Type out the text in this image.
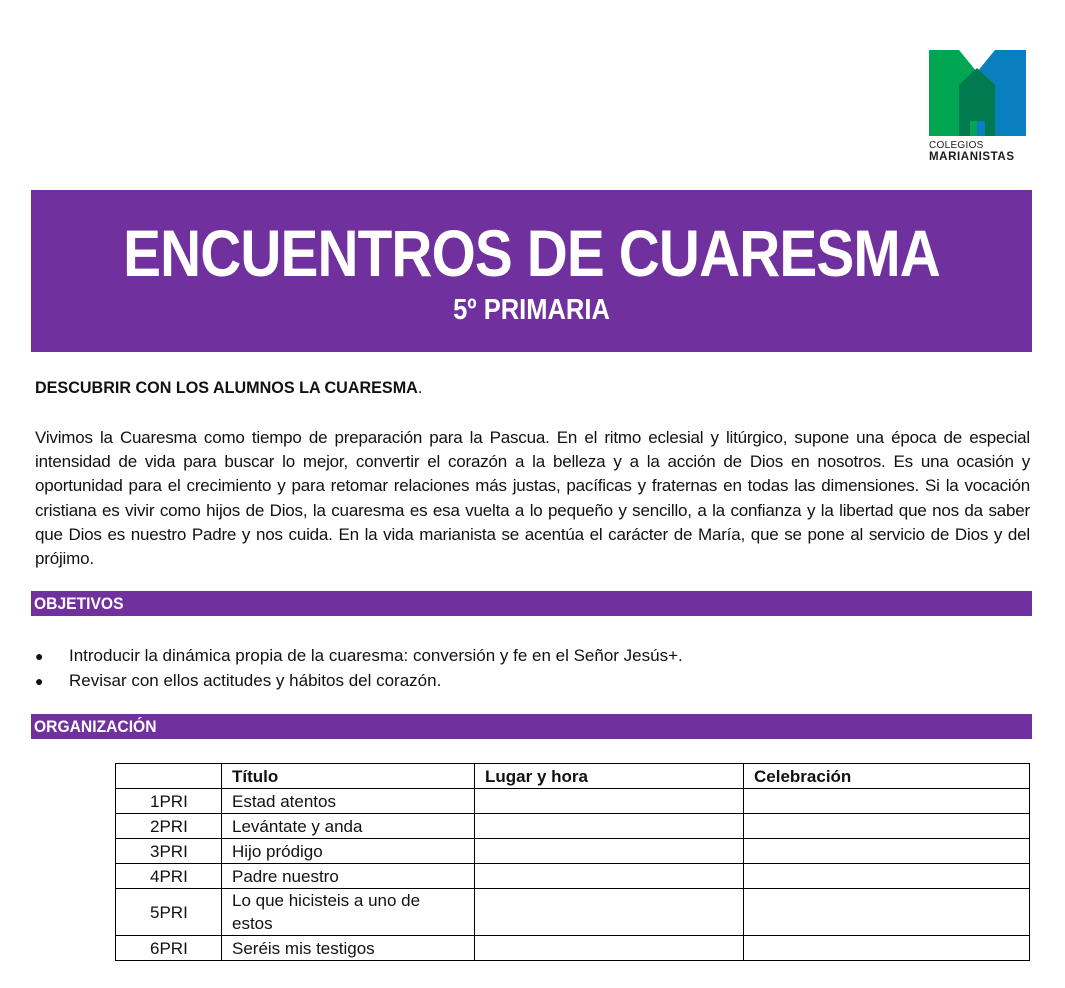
COLEGIOS
MARIANISTAS
ENCUENTROS DE CUARESMA
5º PRIMARIA
DESCUBRIR CON LOS ALUMNOS LA CUARESMA.
Vivimos la Cuaresma como tiempo de preparación para la Pascua. En el ritmo eclesial y litúrgico, supone una época de especial intensidad de vida para buscar lo mejor, convertir el corazón a la belleza y a la acción de Dios en nosotros. Es una ocasión y oportunidad para el crecimiento y para retomar relaciones más justas, pacíficas y fraternas en todas las dimensiones. Si la vocación cristiana es vivir como hijos de Dios, la cuaresma es esa vuelta a lo pequeño y sencillo, a la confianza y la libertad que nos da saber que Dios es nuestro Padre y nos cuida. En la vida marianista se acentúa el carácter de María, que se pone al servicio de Dios y del prójimo.
OBJETIVOS
● Introducir la dinámica propia de la cuaresma: conversión y fe en el Señor Jesús+.
● Revisar con ellos actitudes y hábitos del corazón.
ORGANIZACIÓN
	Título	Lugar y hora	Celebración
1PRI	Estad atentos		
2PRI	Levántate y anda		
3PRI	Hijo pródigo		
4PRI	Padre nuestro		
5PRI	Lo que hicisteis a uno de estos		
6PRI	Seréis mis testigos		
